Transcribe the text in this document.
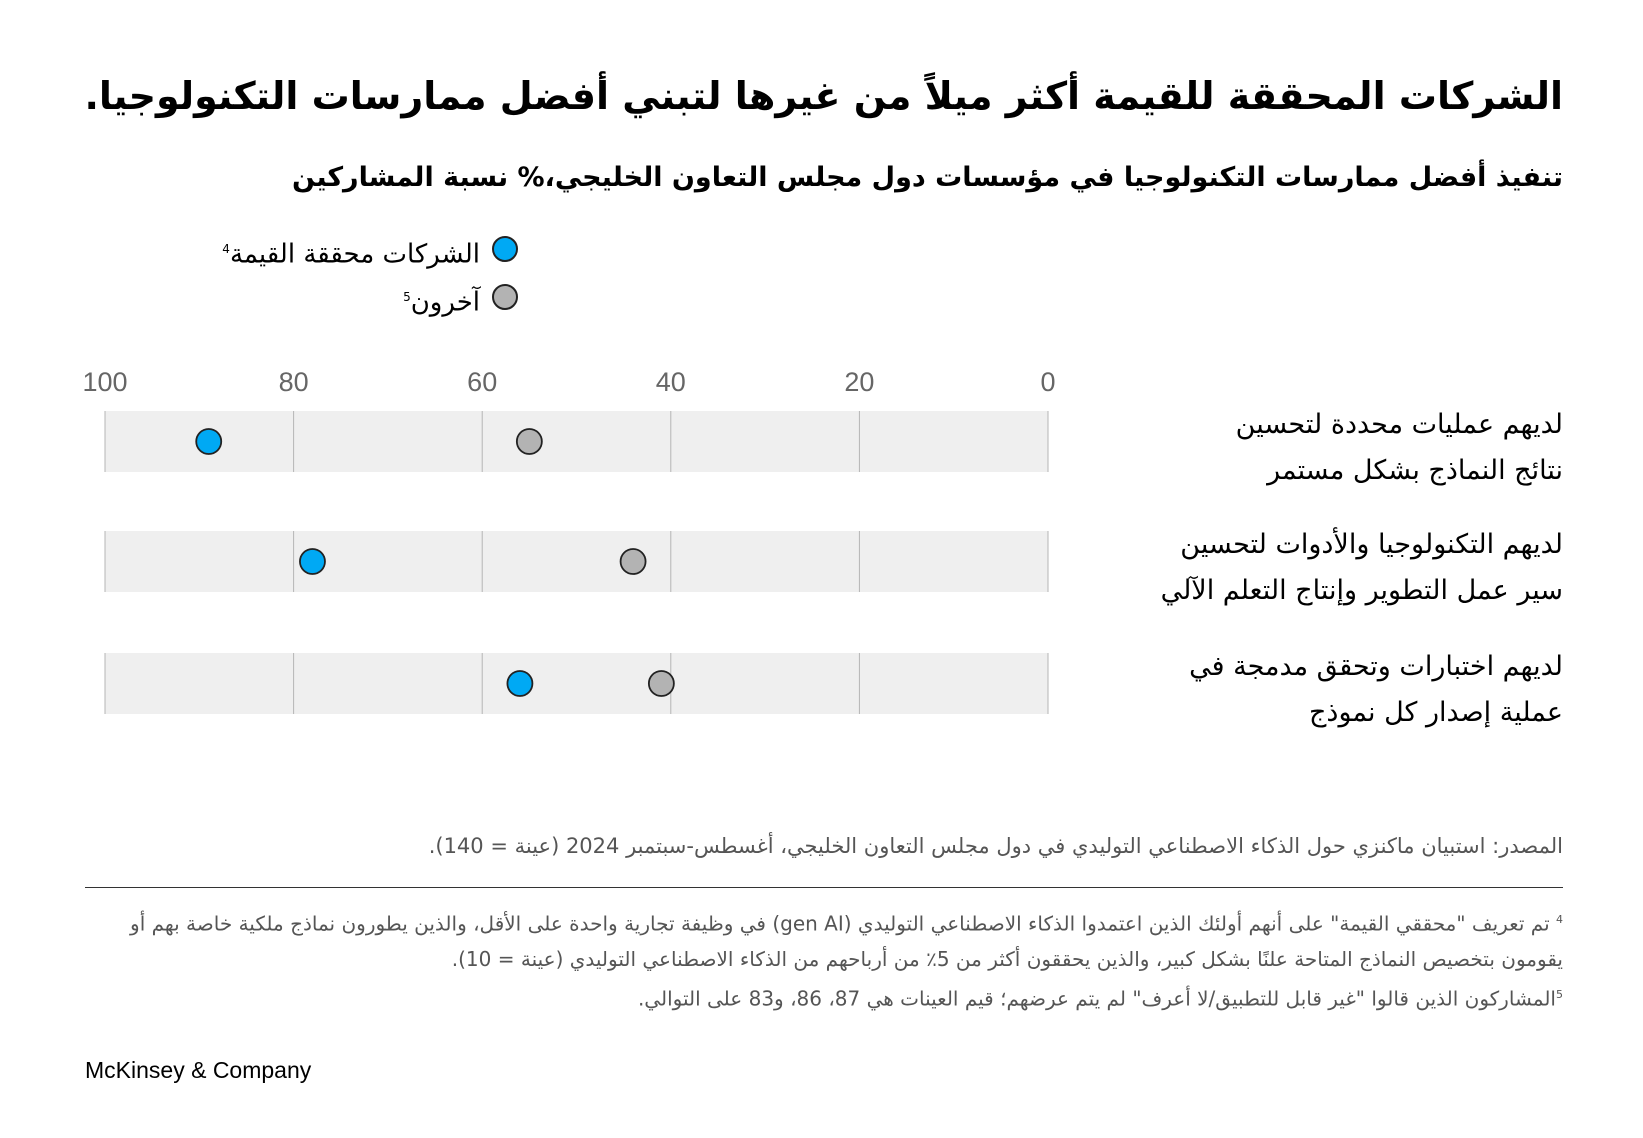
الشركات المحققة للقيمة أكثر ميلاً من غيرها لتبني أفضل ممارسات التكنولوجيا.
تنفيذ أفضل ممارسات التكنولوجيا في مؤسسات دول مجلس التعاون الخليجي،% نسبة المشاركين
الشركات محققة القيمة$^4$
آخرون$^5$
0
20
40
60
80
100
لديهم عمليات محددة لتحسين
نتائج النماذج بشكل مستمر
لديهم التكنولوجيا والأدوات لتحسين
سير عمل التطوير وإنتاج التعلم الآلي
لديهم اختبارات وتحقق مدمجة في
عملية إصدار كل نموذج
المصدر: استبيان ماكنزي حول الذكاء الاصطناعي التوليدي في دول مجلس التعاون الخليجي، أغسطس-سبتمبر 2024 (عينة = 140).

$^4$ تم تعريف "محققي القيمة" على أنهم أولئك الذين اعتمدوا الذكاء الاصطناعي التوليدي (gen AI) في وظيفة تجارية واحدة على الأقل، والذين يطورون نماذج ملكية خاصة بهم أو يقومون بتخصيص النماذج المتاحة علنًا بشكل كبير، والذين يحققون أكثر من 5٪ من أرباحهم من الذكاء الاصطناعي التوليدي (عينة = 10).

$^5$المشاركون الذين قالوا "غير قابل للتطبيق/لا أعرف" لم يتم عرضهم؛ قيم العينات هي 87، 86، و83 على التوالي.

McKinsey & Company
